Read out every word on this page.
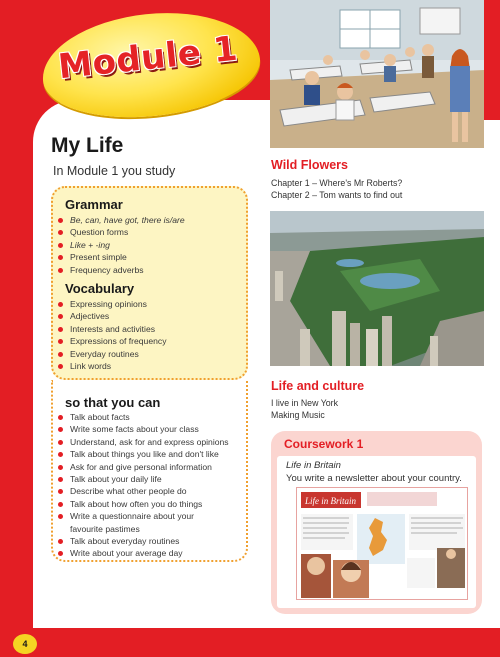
Module 1
My Life
In Module 1 you study
Grammar
Be, can, have got, there is/are
Question forms
Like + -ing
Present simple
Frequency adverbs
Vocabulary
Expressing opinions
Adjectives
Interests and activities
Expressions of frequency
Everyday routines
Link words
so that you can
Talk about facts
Write some facts about your class
Understand, ask for and express opinions
Talk about things you like and don't like
Ask for and give personal information
Talk about your daily life
Describe what other people do
Talk about how often you do things
Write a questionnaire about your
favourite pastimes
Talk about everyday routines
Write about your average day
Wild Flowers
Chapter 1 – Where's Mr Roberts?
Chapter 2 – Tom wants to find out
Life and culture
I live in New York
Making Music
Coursework 1
Life in Britain
You write a newsletter about your country.
Life in Britain
4
